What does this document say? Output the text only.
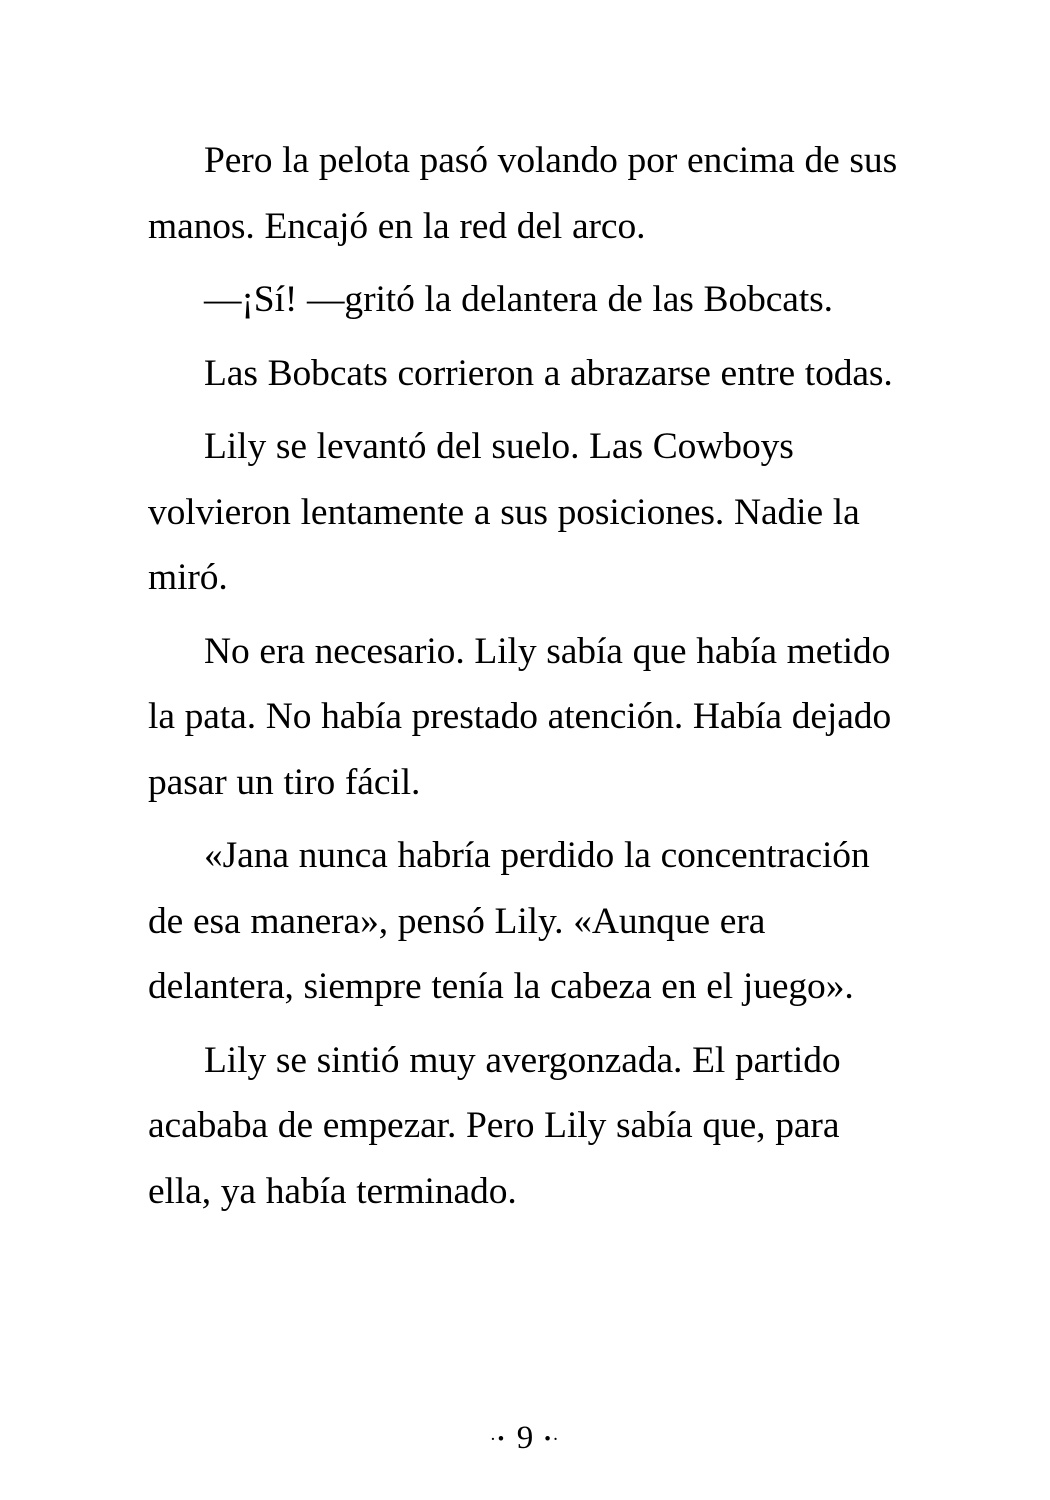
Pero la pelota pasó volando por encima de sus manos. Encajó en la red del arco.

—¡Sí! —gritó la delantera de las Bobcats.

Las Bobcats corrieron a abrazarse entre todas.

Lily se levantó del suelo. Las Cowboys volvieron lentamente a sus posiciones. Nadie la miró.

No era necesario. Lily sabía que había metido la pata. No había prestado atención. Había dejado pasar un tiro fácil.

«Jana nunca habría perdido la concentración de esa manera», pensó Lily. «Aunque era delantera, siempre tenía la cabeza en el juego».

Lily se sintió muy avergonzada. El partido acababa de empezar. Pero Lily sabía que, para ella, ya había terminado.

·• 9 •·
